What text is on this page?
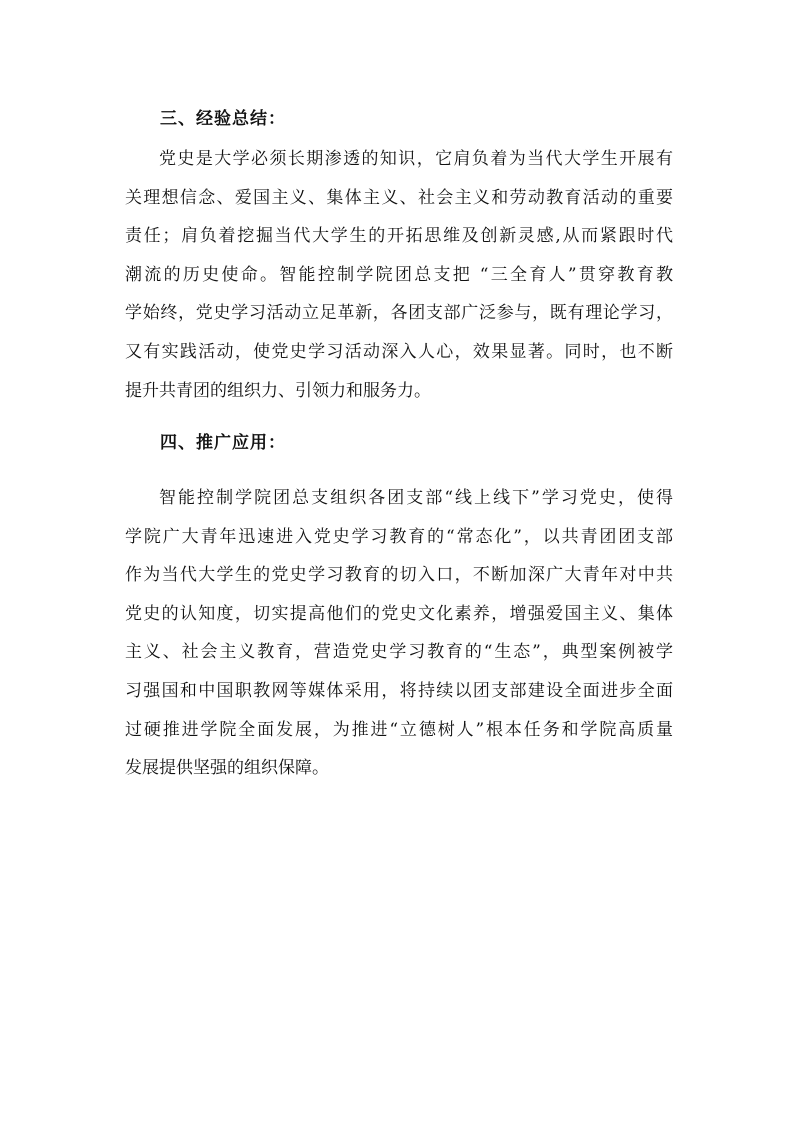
三、经验总结：
党史是大学必须长期渗透的知识，它肩负着为当代大学生开展有
关理想信念、爱国主义、集体主义、社会主义和劳动教育活动的重要
责任；肩负着挖掘当代大学生的开拓思维及创新灵感,从而紧跟时代
潮流的历史使命。智能控制学院团总支把 “三全育人”贯穿教育教
学始终，党史学习活动立足革新，各团支部广泛参与，既有理论学习，
又有实践活动，使党史学习活动深入人心，效果显著。同时，也不断
提升共青团的组织力、引领力和服务力。
四、推广应用：
智能控制学院团总支组织各团支部“线上线下”学习党史，使得
学院广大青年迅速进入党史学习教育的“常态化”，以共青团团支部
作为当代大学生的党史学习教育的切入口，不断加深广大青年对中共
党史的认知度，切实提高他们的党史文化素养，增强爱国主义、集体
主义、社会主义教育，营造党史学习教育的“生态”，典型案例被学
习强国和中国职教网等媒体采用，将持续以团支部建设全面进步全面
过硬推进学院全面发展，为推进“立德树人”根本任务和学院高质量
发展提供坚强的组织保障。
